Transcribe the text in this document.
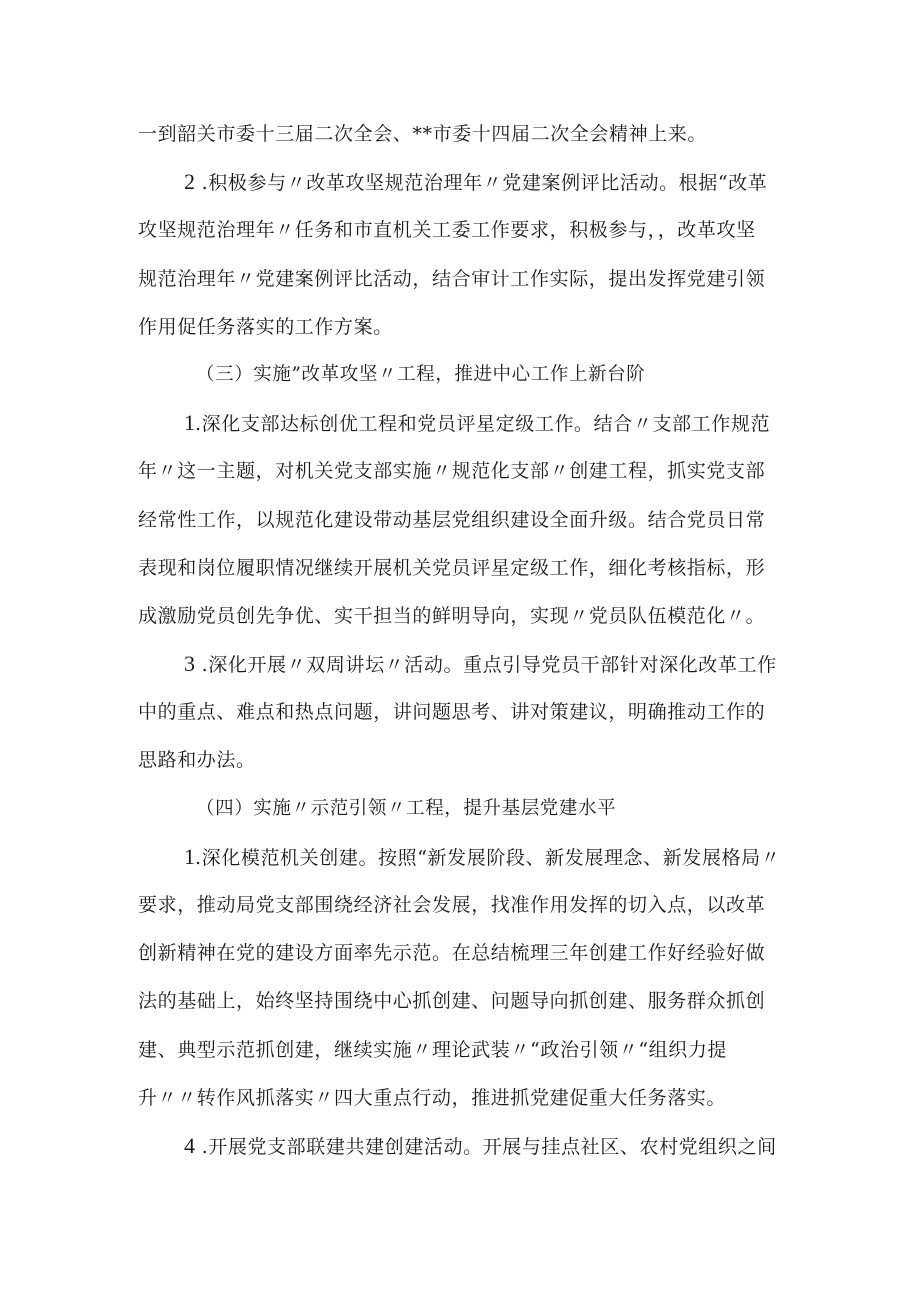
一到韶关市委十三届二次全会、**市委十四届二次全会精神上来。
2 .积极参与〃改革攻坚规范治理年〃党建案例评比活动。根据“改革
攻坚规范治理年〃任务和市直机关工委工作要求，积极参与，，改革攻坚
规范治理年〃党建案例评比活动，结合审计工作实际，提出发挥党建引领
作用促任务落实的工作方案。
（三）实施”改革攻坚〃工程，推进中心工作上新台阶
1.深化支部达标创优工程和党员评星定级工作。结合〃支部工作规范
年〃这一主题，对机关党支部实施〃规范化支部〃创建工程，抓实党支部
经常性工作，以规范化建设带动基层党组织建设全面升级。结合党员日常
表现和岗位履职情况继续开展机关党员评星定级工作，细化考核指标，形
成激励党员创先争优、实干担当的鲜明导向，实现〃党员队伍模范化〃。
3 .深化开展〃双周讲坛〃活动。重点引导党员干部针对深化改革工作
中的重点、难点和热点问题，讲问题思考、讲对策建议，明确推动工作的
思路和办法。
（四）实施〃示范引领〃工程，提升基层党建水平
1.深化模范机关创建。按照“新发展阶段、新发展理念、新发展格局〃
要求，推动局党支部围绕经济社会发展，找准作用发挥的切入点，以改革
创新精神在党的建设方面率先示范。在总结梳理三年创建工作好经验好做
法的基础上，始终坚持围绕中心抓创建、问题导向抓创建、服务群众抓创
建、典型示范抓创建，继续实施〃理论武装〃“政治引领〃“组织力提
升〃〃转作风抓落实〃四大重点行动，推进抓党建促重大任务落实。
4 .开展党支部联建共建创建活动。开展与挂点社区、农村党组织之间
